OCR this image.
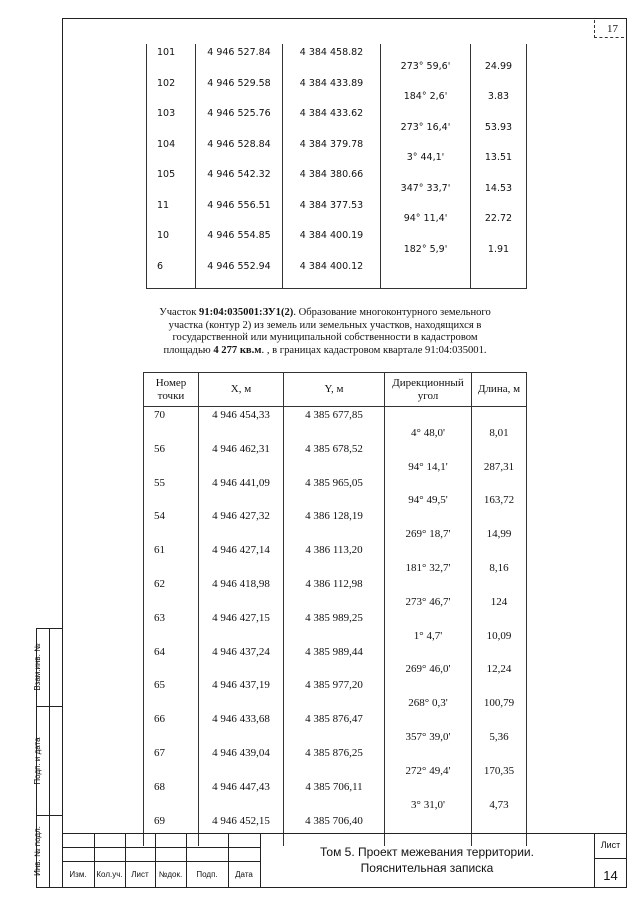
17
101	4 946 527.84	4 384 458.82		
102	4 946 529.58	4 384 433.89	273° 59,6'	24.99
103	4 946 525.76	4 384 433.62	184° 2,6'	3.83
104	4 946 528.84	4 384 379.78	273° 16,4'	53.93
105	4 946 542.32	4 384 380.66	3° 44,1'	13.51
11	4 946 556.51	4 384 377.53	347° 33,7'	14.53
10	4 946 554.85	4 384 400.19	94° 11,4'	22.72
6	4 946 552.94	4 384 400.12	182° 5,9'	1.91
Участок 91:04:035001:ЗУ1(2). Образование многоконтурного земельного участка (контур 2) из земель или земельных участков, находящихся в государственной или муниципальной собственности в кадастровом площадью 4 277 кв.м. , в границах кадастровом квартале 91:04:035001.
Номер точки	X, м	Y, м	Дирекционный угол	Длина, м
70	4 946 454,33	4 385 677,85		
56	4 946 462,31	4 385 678,52	4° 48,0'	8,01
55	4 946 441,09	4 385 965,05	94° 14,1'	287,31
54	4 946 427,32	4 386 128,19	94° 49,5'	163,72
61	4 946 427,14	4 386 113,20	269° 18,7'	14,99
62	4 946 418,98	4 386 112,98	181° 32,7'	8,16
63	4 946 427,15	4 385 989,25	273° 46,7'	124
64	4 946 437,24	4 385 989,44	1° 4,7'	10,09
65	4 946 437,19	4 385 977,20	269° 46,0'	12,24
66	4 946 433,68	4 385 876,47	268° 0,3'	100,79
67	4 946 439,04	4 385 876,25	357° 39,0'	5,36
68	4 946 447,43	4 385 706,11	272° 49,4'	170,35
69	4 946 452,15	4 385 706,40	3° 31,0'	4,73
Взам.инв. №
Подп. и дата
Инв. № подл.	Изм.	Кол.уч.	Лист	№док.	Подп.	Дата
Том 5. Проект межевания территории.
Пояснительная записка
Лист
14
